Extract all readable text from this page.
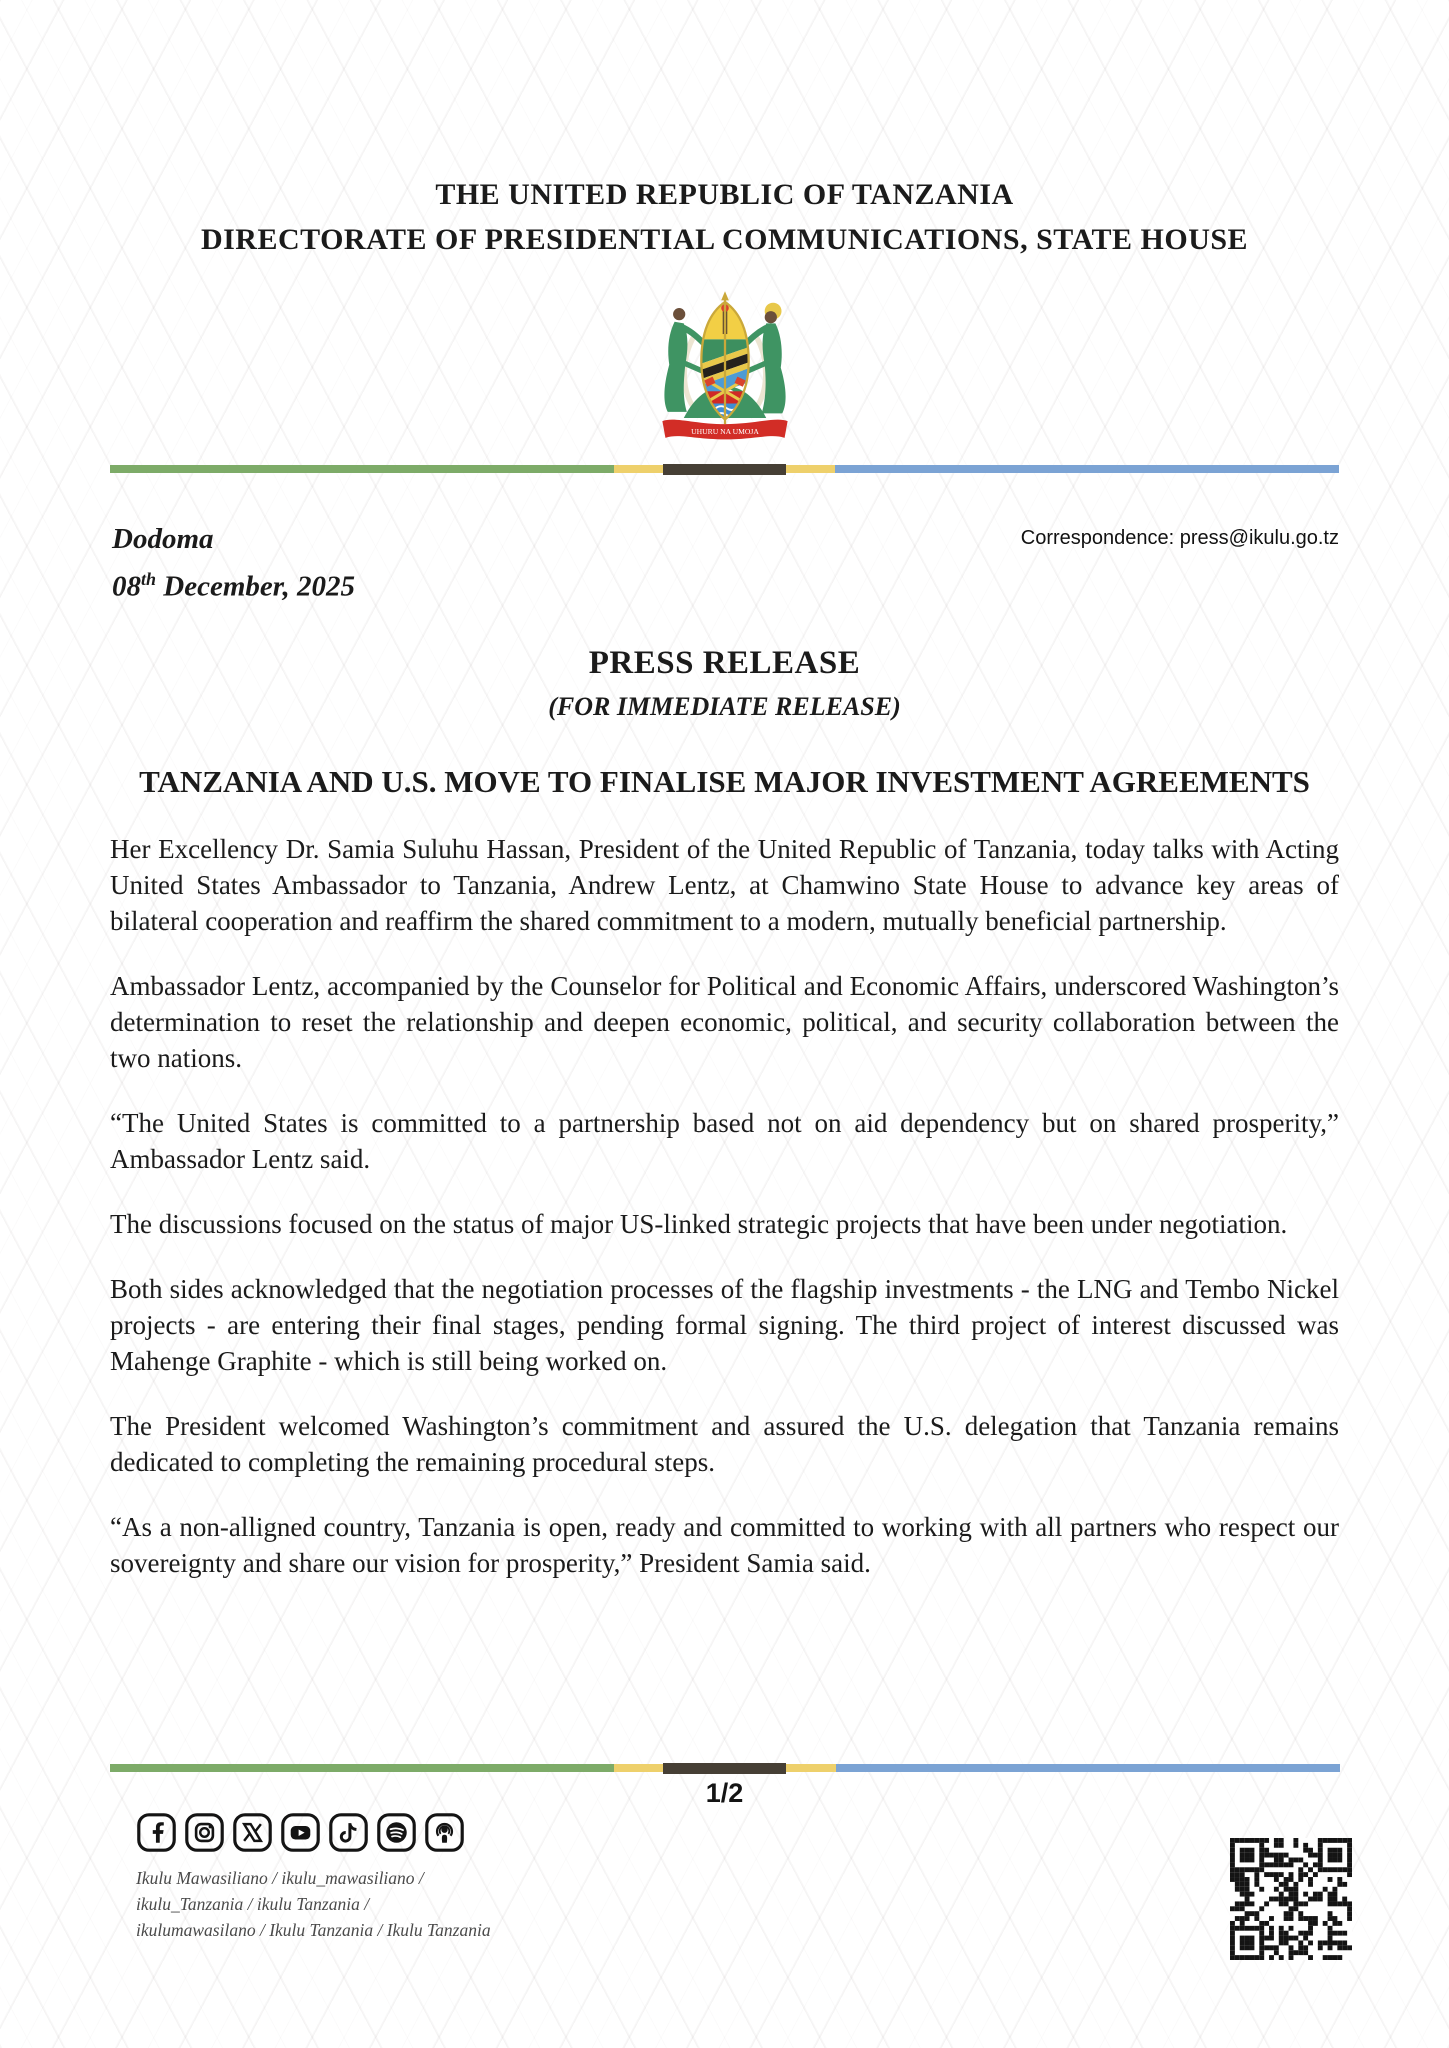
THE UNITED REPUBLIC OF TANZANIA
DIRECTORATE OF PRESIDENTIAL COMMUNICATIONS, STATE HOUSE
UHURU NA UMOJA
Dodoma
08th December, 2025
Correspondence: press@ikulu.go.tz
PRESS RELEASE
(FOR IMMEDIATE RELEASE)
TANZANIA AND U.S. MOVE TO FINALISE MAJOR INVESTMENT AGREEMENTS

Her Excellency Dr. Samia Suluhu Hassan, President of the United Republic of Tanzania, today talks with Acting United States Ambassador to Tanzania, Andrew Lentz, at Chamwino State House to advance key areas of bilateral cooperation and reaffirm the shared commitment to a modern, mutually beneficial partnership.

Ambassador Lentz, accompanied by the Counselor for Political and Economic Affairs, underscored Washington’s determination to reset the relationship and deepen economic, political, and security collaboration between the two nations.

“The United States is committed to a partnership based not on aid dependency but on shared prosperity,” Ambassador Lentz said.

The discussions focused on the status of major US-linked strategic projects that have been under negotiation.

Both sides acknowledged that the negotiation processes of the flagship investments - the LNG and Tembo Nickel projects - are entering their final stages, pending formal signing. The third project of interest discussed was Mahenge Graphite - which is still being worked on.

The President welcomed Washington’s commitment and assured the U.S. delegation that Tanzania remains dedicated to completing the remaining procedural steps.

“As a non-alligned country, Tanzania is open, ready and committed to working with all partners who respect our sovereignty and share our vision for prosperity,” President Samia said.

1/2
Ikulu Mawasiliano / ikulu_mawasiliano /
ikulu_Tanzania / ikulu Tanzania /
ikulumawasilano / Ikulu Tanzania / Ikulu Tanzania
